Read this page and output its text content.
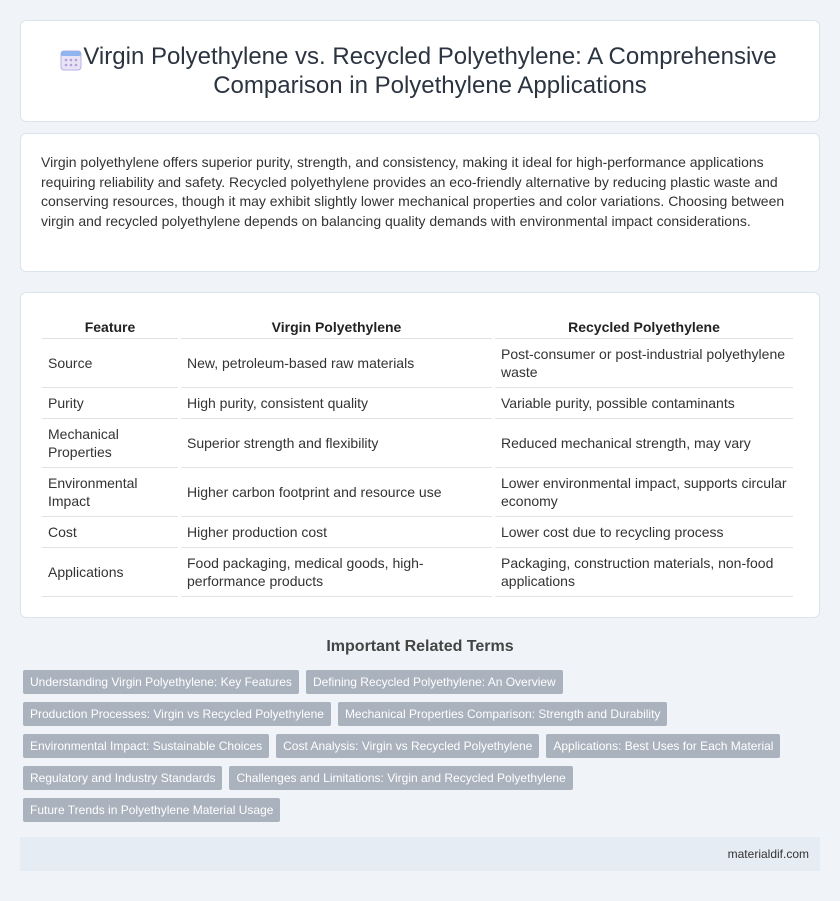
Virgin Polyethylene vs. Recycled Polyethylene: A Comprehensive Comparison in Polyethylene Applications

Virgin polyethylene offers superior purity, strength, and consistency, making it ideal for high-performance applications requiring reliability and safety. Recycled polyethylene provides an eco-friendly alternative by reducing plastic waste and conserving resources, though it may exhibit slightly lower mechanical properties and color variations. Choosing between virgin and recycled polyethylene depends on balancing quality demands with environmental impact considerations.

Feature	Virgin Polyethylene	Recycled Polyethylene
Source	New, petroleum-based raw materials	Post-consumer or post-industrial polyethylene waste
Purity	High purity, consistent quality	Variable purity, possible contaminants
Mechanical Properties	Superior strength and flexibility	Reduced mechanical strength, may vary
Environmental Impact	Higher carbon footprint and resource use	Lower environmental impact, supports circular economy
Cost	Higher production cost	Lower cost due to recycling process
Applications	Food packaging, medical goods, high-performance products	Packaging, construction materials, non-food applications
Important Related Terms
Understanding Virgin Polyethylene: Key Features	Defining Recycled Polyethylene: An Overview
Production Processes: Virgin vs Recycled Polyethylene	Mechanical Properties Comparison: Strength and Durability
Environmental Impact: Sustainable Choices	Cost Analysis: Virgin vs Recycled Polyethylene	Applications: Best Uses for Each Material
Regulatory and Industry Standards	Challenges and Limitations: Virgin and Recycled Polyethylene
Future Trends in Polyethylene Material Usage
materialdif.com
